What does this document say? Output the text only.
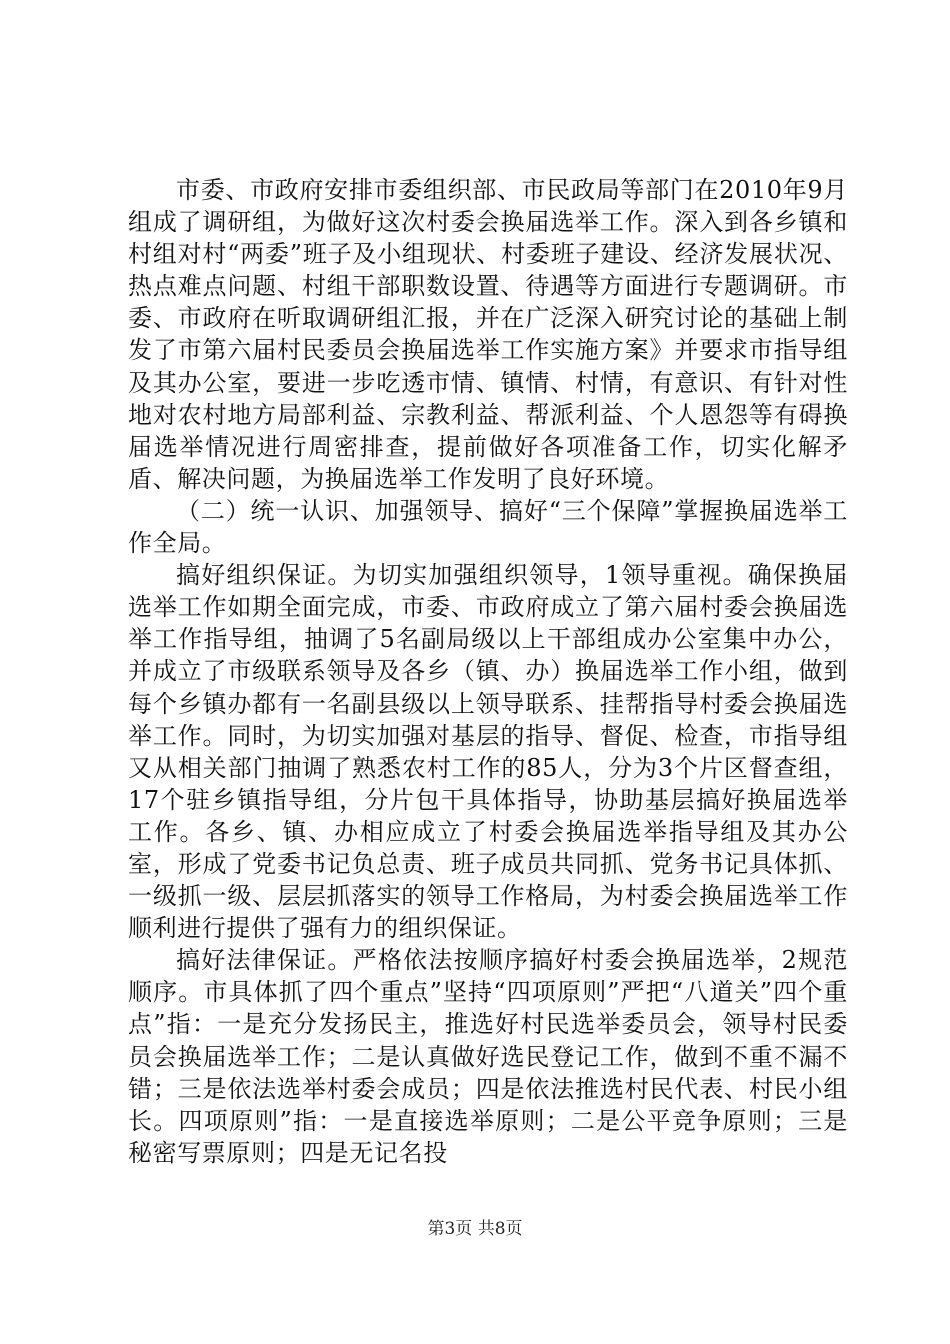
市委、市政府安排市委组织部、市民政局等部门在2010年9月组成了调研组，为做好这次村委会换届选举工作。深入到各乡镇和村组对村“两委”班子及小组现状、村委班子建设、经济发展状况、热点难点问题、村组干部职数设置、待遇等方面进行专题调研。市委、市政府在听取调研组汇报，并在广泛深入研究讨论的基础上制发了市第六届村民委员会换届选举工作实施方案》并要求市指导组及其办公室，要进一步吃透市情、镇情、村情，有意识、有针对性地对农村地方局部利益、宗教利益、帮派利益、个人恩怨等有碍换届选举情况进行周密排查，提前做好各项准备工作，切实化解矛盾、解决问题，为换届选举工作发明了良好环境。

（二）统一认识、加强领导、搞好“三个保障”掌握换届选举工作全局。

搞好组织保证。为切实加强组织领导，1领导重视。确保换届选举工作如期全面完成，市委、市政府成立了第六届村委会换届选举工作指导组，抽调了5名副局级以上干部组成办公室集中办公，并成立了市级联系领导及各乡（镇、办）换届选举工作小组，做到每个乡镇办都有一名副县级以上领导联系、挂帮指导村委会换届选举工作。同时，为切实加强对基层的指导、督促、检查，市指导组又从相关部门抽调了熟悉农村工作的85人，分为3个片区督查组，17个驻乡镇指导组，分片包干具体指导，协助基层搞好换届选举工作。各乡、镇、办相应成立了村委会换届选举指导组及其办公室，形成了党委书记负总责、班子成员共同抓、党务书记具体抓、一级抓一级、层层抓落实的领导工作格局，为村委会换届选举工作顺利进行提供了强有力的组织保证。

搞好法律保证。严格依法按顺序搞好村委会换届选举，2规范顺序。市具体抓了四个重点”坚持“四项原则”严把“八道关”四个重点”指：一是充分发扬民主，推选好村民选举委员会，领导村民委员会换届选举工作；二是认真做好选民登记工作，做到不重不漏不错；三是依法选举村委会成员；四是依法推选村民代表、村民小组长。四项原则”指：一是直接选举原则；二是公平竞争原则；三是秘密写票原则；四是无记名投

第3页 共8页
